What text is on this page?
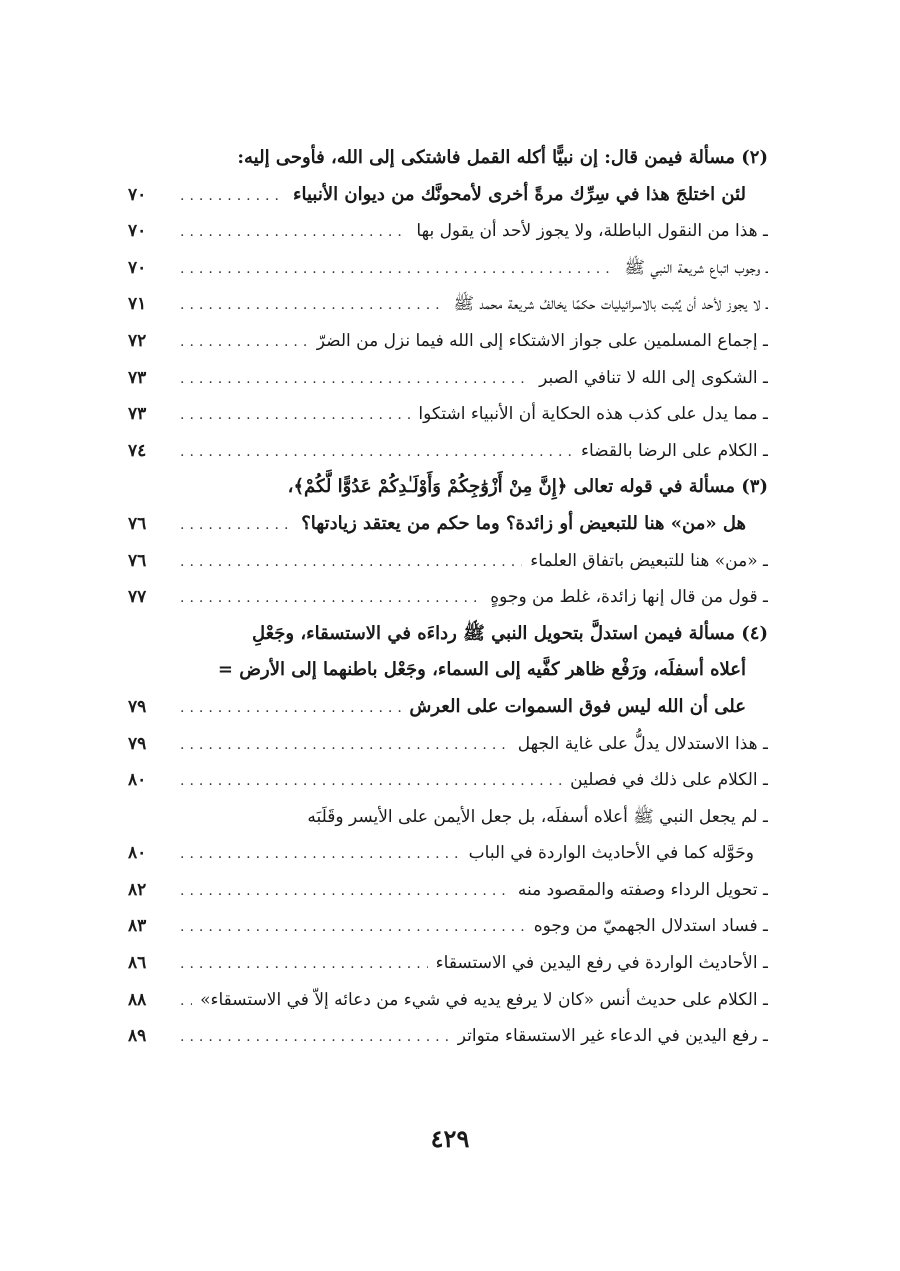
(٢) مسألة فيمن قال: إن نبيًّا أكله القمل فاشتكى إلى الله، فأوحى إليه:
لئن اختلجَ هذا في سِرِّك مرةً أخرى لأمحونَّك من ديوان الأنبياء
.....
٧٠
ـ هذا من النقول الباطلة، ولا يجوز لأحد أن يقول بها
.....
٧٠
ـ وجوب اتباع شريعة النبي ﷺ
.....
٧٠
ـ لا يجوز لأحد أن يُثبت بالاسرائيليات حكمًا يخالفُ شريعة محمد ﷺ
.....
٧١
ـ إجماع المسلمين على جواز الاشتكاء إلى الله فيما نزل من الضرّ
.....
٧٢
ـ الشكوى إلى الله لا تنافي الصبر
.....
٧٣
ـ مما يدل على كذب هذه الحكاية أن الأنبياء اشتكوا
.....
٧٣
ـ الكلام على الرضا بالقضاء
.....
٧٤
(٣) مسألة في قوله تعالى ﴿إِنَّ مِنْ أَزْوَٰجِكُمْ وَأَوْلَـٰدِكُمْ عَدُوًّا لَّكُمْ﴾،
هل «من» هنا للتبعيض أو زائدة؟ وما حكم من يعتقد زيادتها؟
.....
٧٦
ـ «من» هنا للتبعيض باتفاق العلماء
.....
٧٦
ـ قول من قال إنها زائدة، غلط من وجوهٍ
.....
٧٧
(٤) مسألة فيمن استدلَّ بتحويل النبي ﷺ رداءَه في الاستسقاء، وجَعْلِ
أعلاه أسفلَه، ورَفْع ظاهر كفَّيه إلى السماء، وجَعْل باطنهما إلى الأرض =
على أن الله ليس فوق السموات على العرش
.....
٧٩
ـ هذا الاستدلال يدلُّ على غاية الجهل
.....
٧٩
ـ الكلام على ذلك في فصلين
.....
٨٠
ـ لم يجعل النبي ﷺ أعلاه أسفلَه، بل جعل الأيمن على الأيسر وقَلَبَه
وحَوَّله كما في الأحاديث الواردة في الباب
.....
٨٠
ـ تحويل الرداء وصفته والمقصود منه
.....
٨٢
ـ فساد استدلال الجهميّ من وجوه
.....
٨٣
ـ الأحاديث الواردة في رفع اليدين في الاستسقاء
.....
٨٦
ـ الكلام على حديث أنس «كان لا يرفع يديه في شيء من دعائه إلاّ في الاستسقاء»
.....
٨٨
ـ رفع اليدين في الدعاء غير الاستسقاء متواتر
.....
٨٩
٤٢٩
